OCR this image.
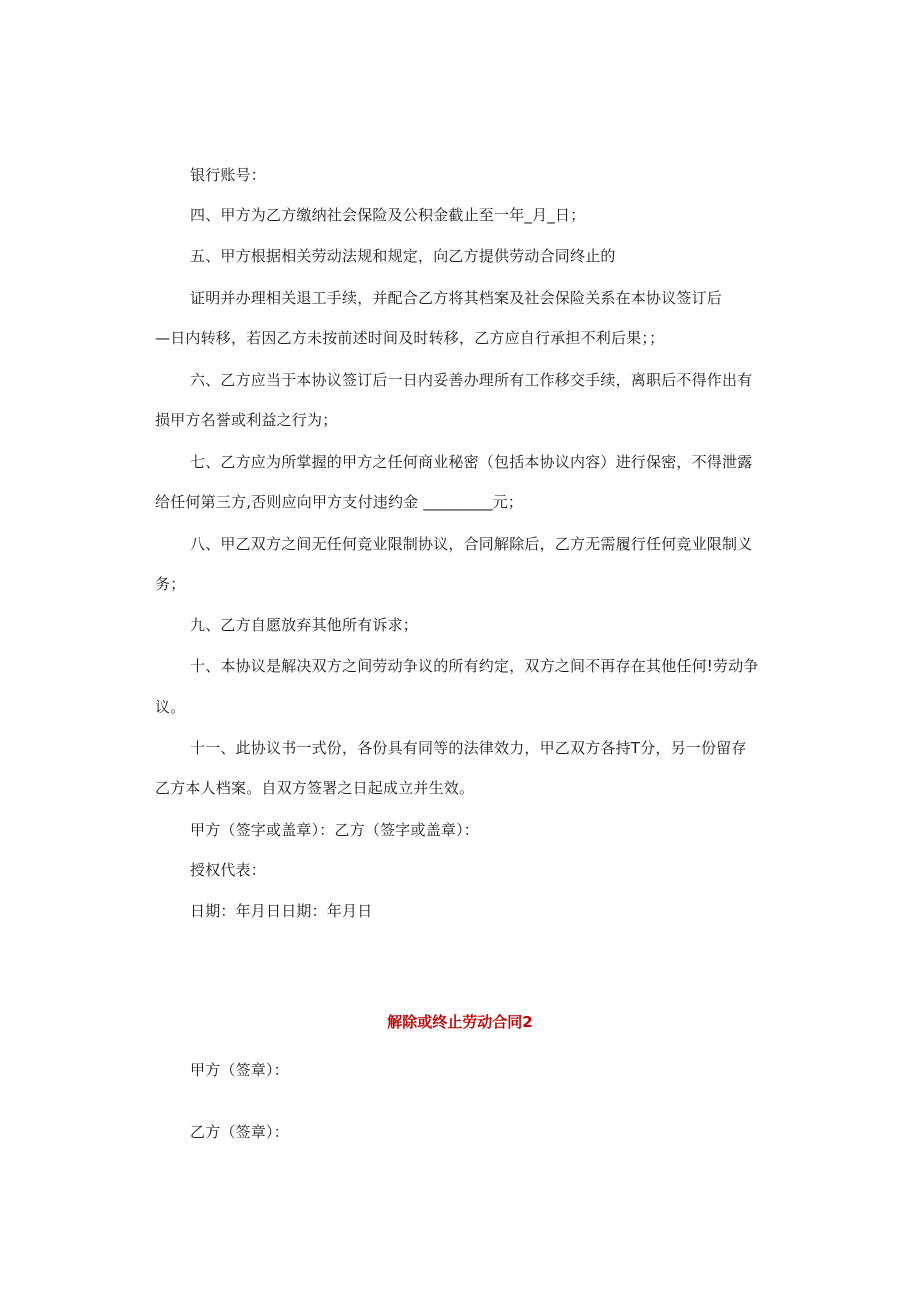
银行账号：
四、甲方为乙方缴纳社会保险及公积金截止至一年_月_日；
五、甲方根据相关劳动法规和规定，向乙方提供劳动合同终止的
证明并办理相关退工手续，并配合乙方将其档案及社会保险关系在本协议签订后
—日内转移，若因乙方未按前述时间及时转移，乙方应自行承担不利后果；；
六、乙方应当于本协议签订后一日内妥善办理所有工作移交手续，离职后不得作出有
损甲方名誉或利益之行为；
七、乙方应为所掌握的甲方之任何商业秘密（包括本协议内容）进行保密，不得泄露
给任何第三方,否则应向甲方支付违约金 _________元；
八、甲乙双方之间无任何竞业限制协议，合同解除后，乙方无需履行任何竞业限制义
务；
九、乙方自愿放弃其他所有诉求；
十、本协议是解决双方之间劳动争议的所有约定，双方之间不再存在其他任何!劳动争
议。
十一、此协议书一式份，各份具有同等的法律效力，甲乙双方各持T分，另一份留存
乙方本人档案。自双方签署之日起成立并生效。
甲方（签字或盖章）：乙方（签字或盖章）：
授权代表：
日期：年月日日期：年月日
解除或终止劳动合同2
甲方（签章）：
乙方（签章）：
